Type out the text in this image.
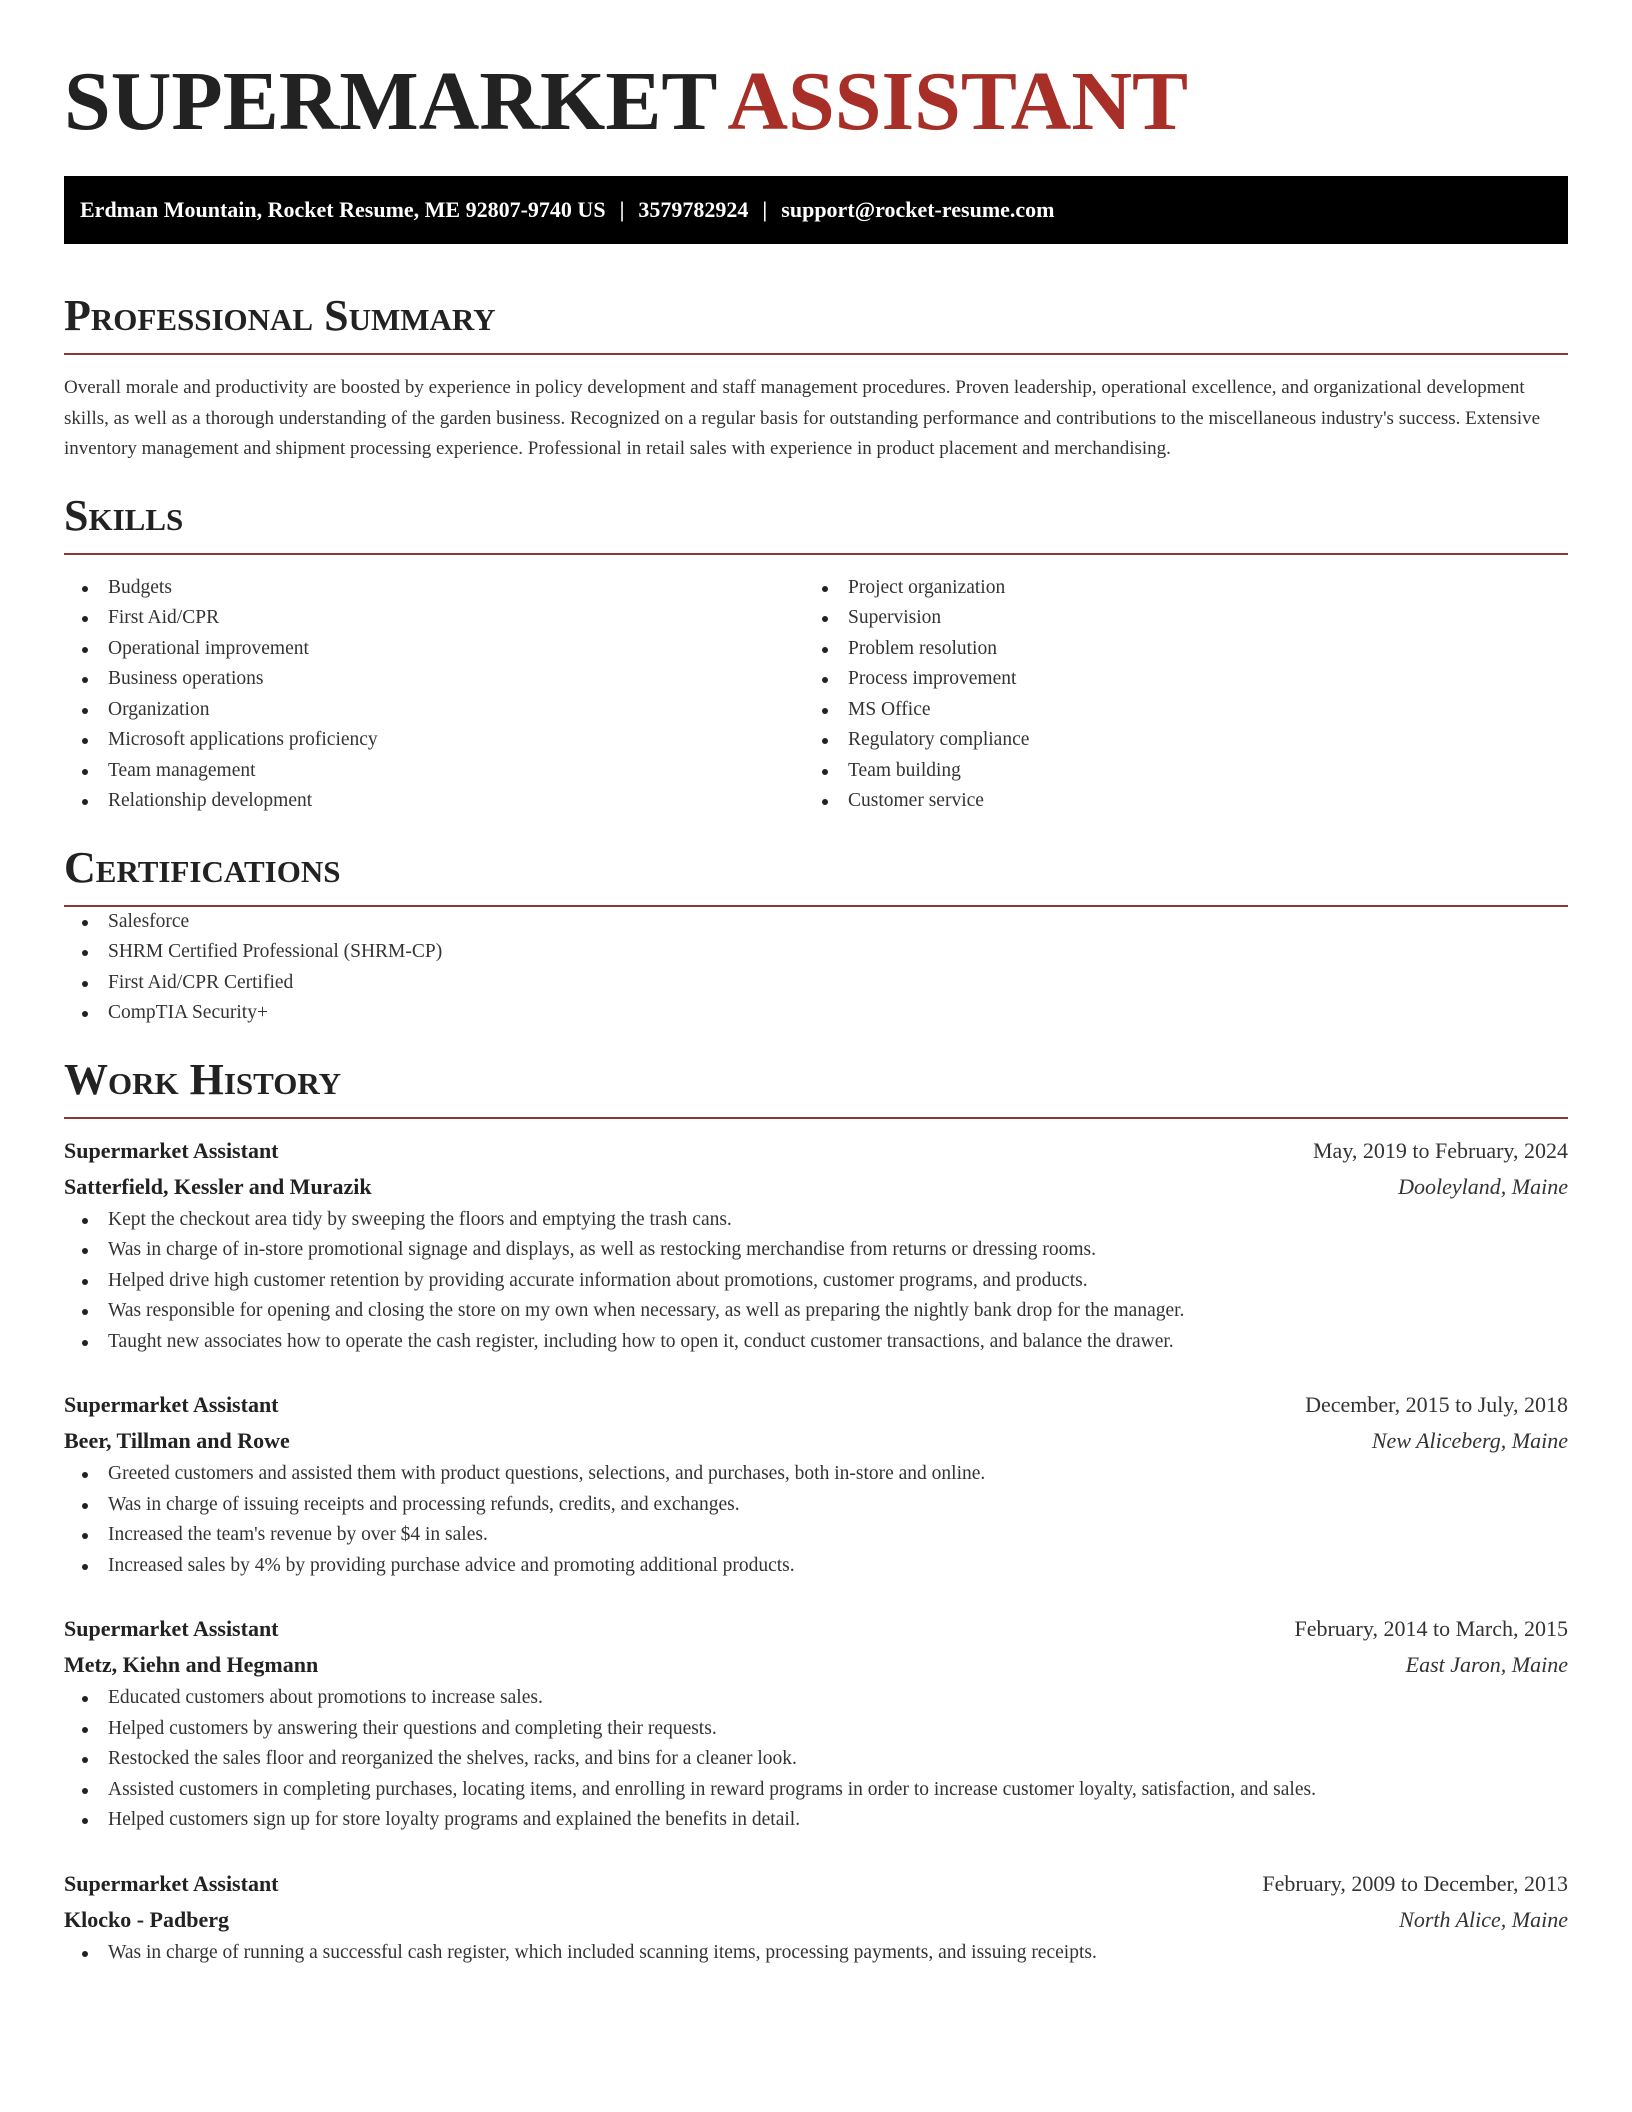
SUPERMARKET ASSISTANT
Erdman Mountain, Rocket Resume, ME 92807-9740 US | 3579782924 | support@rocket-resume.com
Professional Summary

Overall morale and productivity are boosted by experience in policy development and staff management procedures. Proven leadership, operational excellence, and organizational development skills, as well as a thorough understanding of the garden business. Recognized on a regular basis for outstanding performance and contributions to the miscellaneous industry's success. Extensive inventory management and shipment processing experience. Professional in retail sales with experience in product placement and merchandising.

Skills
Budgets
First Aid/CPR
Operational improvement
Business operations
Organization
Microsoft applications proficiency
Team management
Relationship development
Project organization
Supervision
Problem resolution
Process improvement
MS Office
Regulatory compliance
Team building
Customer service
Certifications
Salesforce
SHRM Certified Professional (SHRM-CP)
First Aid/CPR Certified
CompTIA Security+
Work History
Supermarket Assistant	May, 2019 to February, 2024
Satterfield, Kessler and Murazik	Dooleyland, Maine
Kept the checkout area tidy by sweeping the floors and emptying the trash cans.
Was in charge of in-store promotional signage and displays, as well as restocking merchandise from returns or dressing rooms.
Helped drive high customer retention by providing accurate information about promotions, customer programs, and products.
Was responsible for opening and closing the store on my own when necessary, as well as preparing the nightly bank drop for the manager.
Taught new associates how to operate the cash register, including how to open it, conduct customer transactions, and balance the drawer.
Supermarket Assistant	December, 2015 to July, 2018
Beer, Tillman and Rowe	New Aliceberg, Maine
Greeted customers and assisted them with product questions, selections, and purchases, both in-store and online.
Was in charge of issuing receipts and processing refunds, credits, and exchanges.
Increased the team's revenue by over $4 in sales.
Increased sales by 4% by providing purchase advice and promoting additional products.
Supermarket Assistant	February, 2014 to March, 2015
Metz, Kiehn and Hegmann	East Jaron, Maine
Educated customers about promotions to increase sales.
Helped customers by answering their questions and completing their requests.
Restocked the sales floor and reorganized the shelves, racks, and bins for a cleaner look.
Assisted customers in completing purchases, locating items, and enrolling in reward programs in order to increase customer loyalty, satisfaction, and sales.
Helped customers sign up for store loyalty programs and explained the benefits in detail.
Supermarket Assistant	February, 2009 to December, 2013
Klocko - Padberg	North Alice, Maine
Was in charge of running a successful cash register, which included scanning items, processing payments, and issuing receipts.
